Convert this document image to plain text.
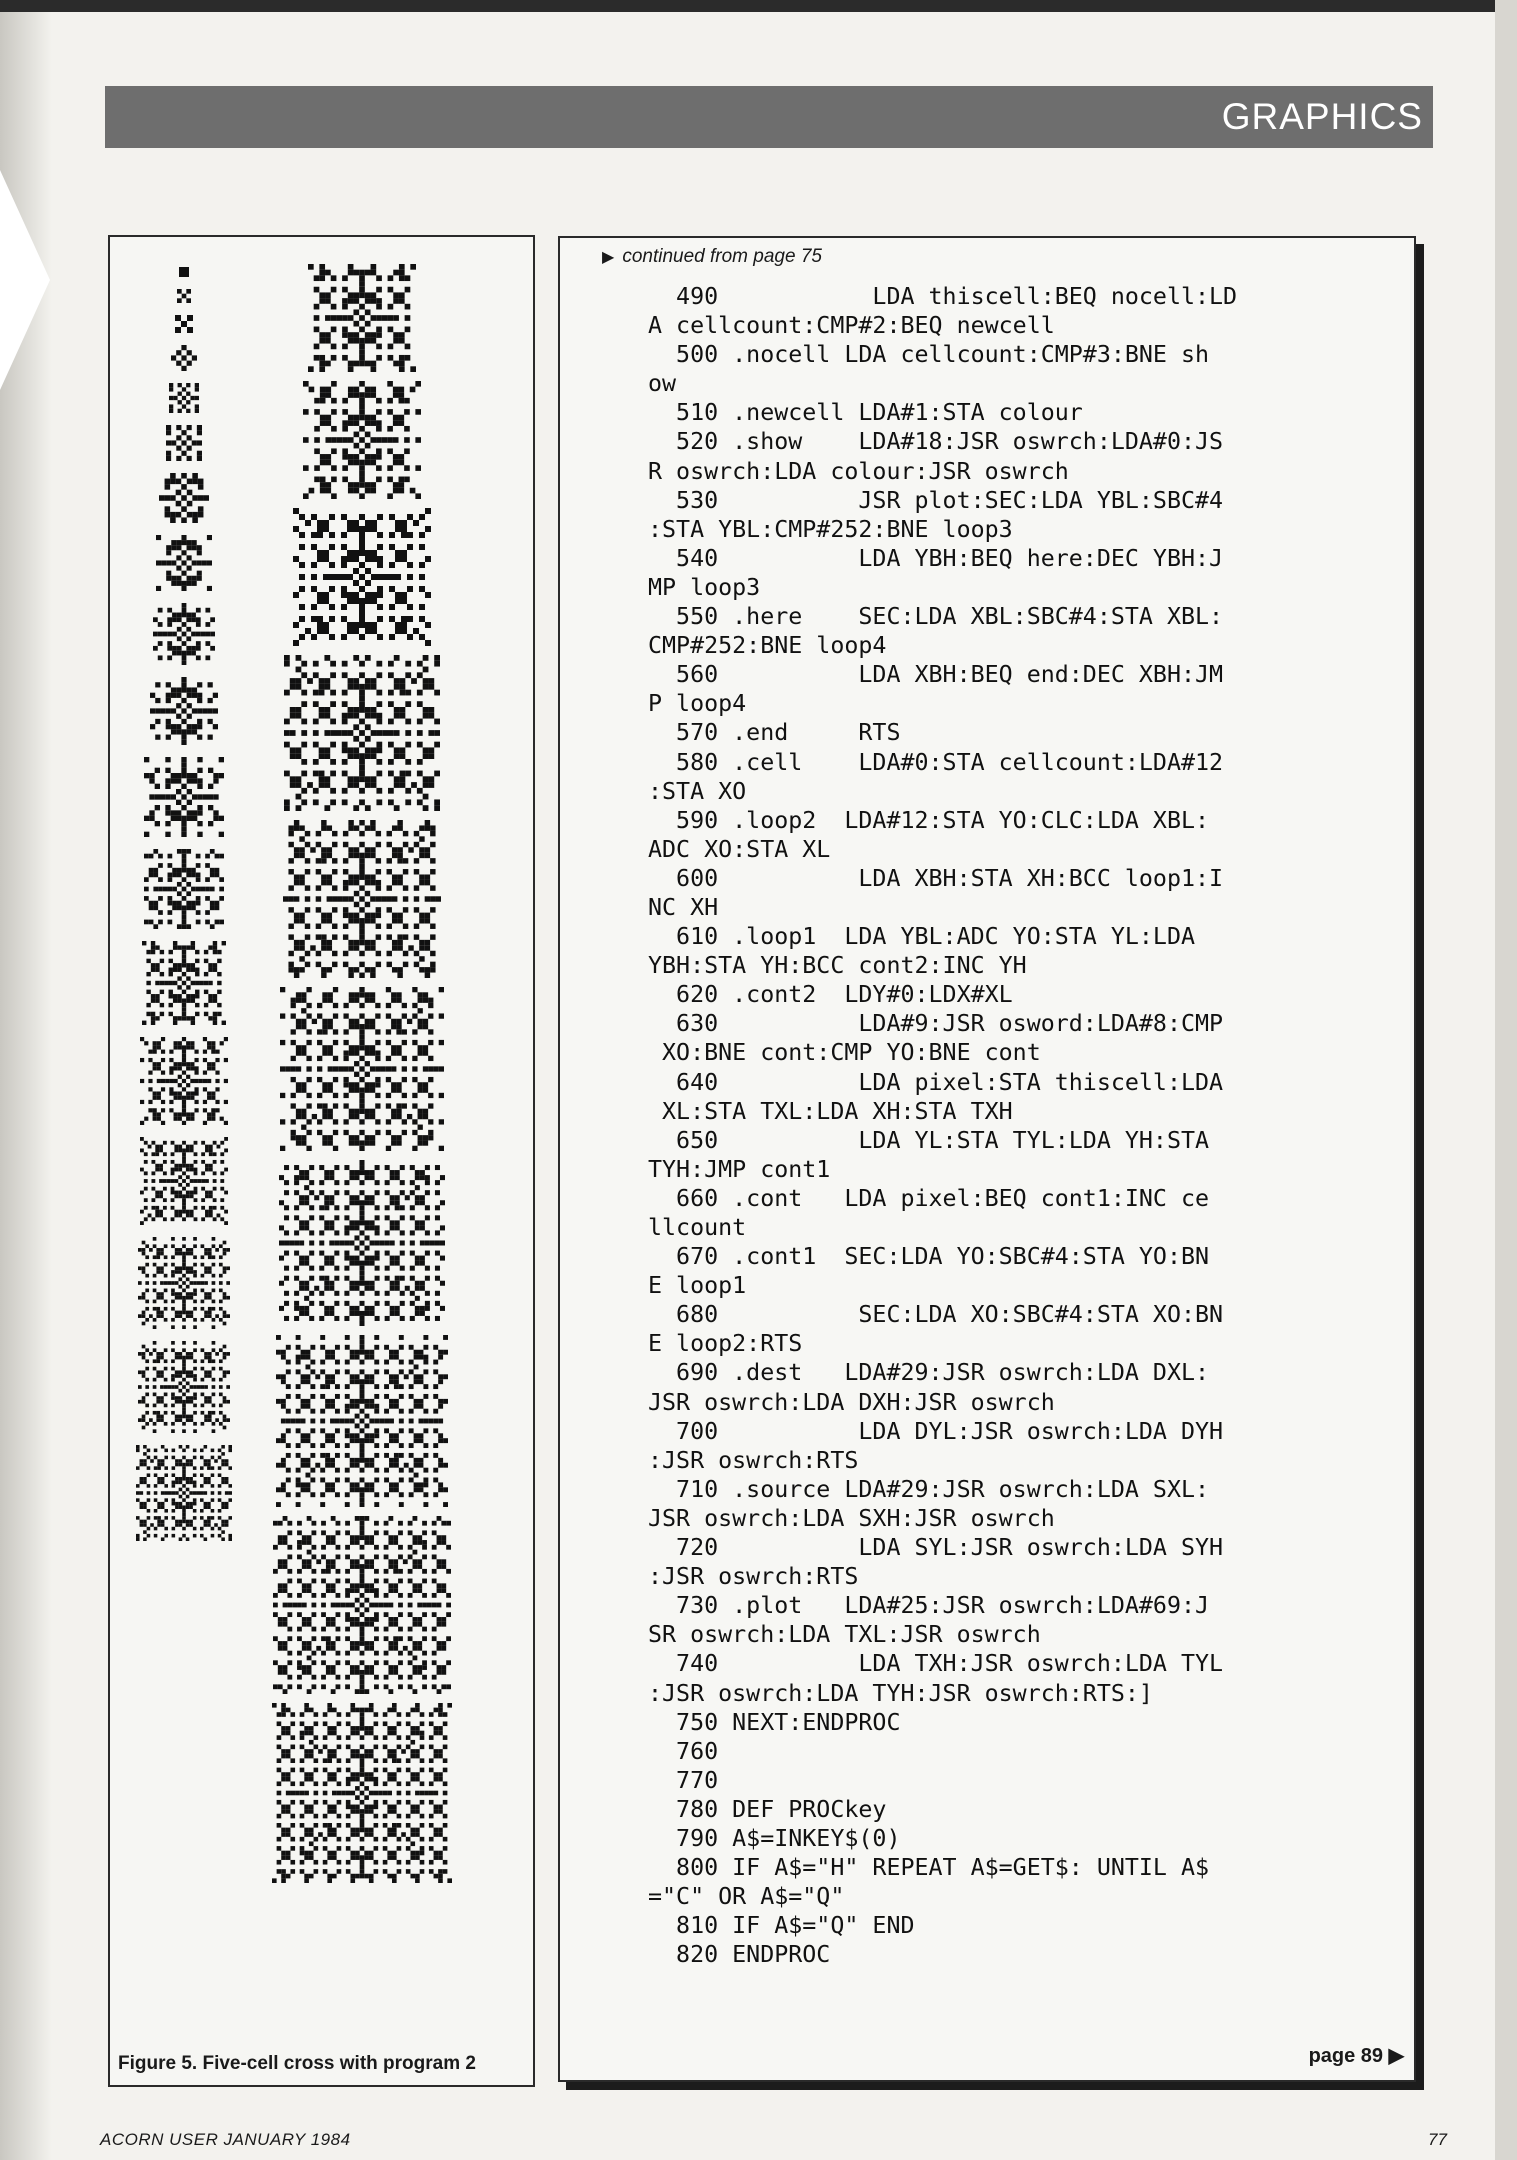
GRAPHICS
Figure 5. Five-cell cross with program 2
▶ continued from page 75
490           LDA thiscell:BEQ nocell:LD
A cellcount:CMP#2:BEQ newcell
500 .nocell LDA cellcount:CMP#3:BNE sh
ow
510 .newcell LDA#1:STA colour
520 .show    LDA#18:JSR oswrch:LDA#0:JS
R oswrch:LDA colour:JSR oswrch
530          JSR plot:SEC:LDA YBL:SBC#4
:STA YBL:CMP#252:BNE loop3
540          LDA YBH:BEQ here:DEC YBH:J
MP loop3
550 .here    SEC:LDA XBL:SBC#4:STA XBL:
CMP#252:BNE loop4
560          LDA XBH:BEQ end:DEC XBH:JM
P loop4
570 .end     RTS
580 .cell    LDA#0:STA cellcount:LDA#12
:STA XO
590 .loop2  LDA#12:STA YO:CLC:LDA XBL:
ADC XO:STA XL
600          LDA XBH:STA XH:BCC loop1:I
NC XH
610 .loop1  LDA YBL:ADC YO:STA YL:LDA
YBH:STA YH:BCC cont2:INC YH
620 .cont2  LDY#0:LDX#XL
630          LDA#9:JSR osword:LDA#8:CMP
XO:BNE cont:CMP YO:BNE cont
640          LDA pixel:STA thiscell:LDA
XL:STA TXL:LDA XH:STA TXH
650          LDA YL:STA TYL:LDA YH:STA
TYH:JMP cont1
660 .cont   LDA pixel:BEQ cont1:INC ce
llcount
670 .cont1  SEC:LDA YO:SBC#4:STA YO:BN
E loop1
680          SEC:LDA XO:SBC#4:STA XO:BN
E loop2:RTS
690 .dest   LDA#29:JSR oswrch:LDA DXL:
JSR oswrch:LDA DXH:JSR oswrch
700          LDA DYL:JSR oswrch:LDA DYH
:JSR oswrch:RTS
710 .source LDA#29:JSR oswrch:LDA SXL:
JSR oswrch:LDA SXH:JSR oswrch
720          LDA SYL:JSR oswrch:LDA SYH
:JSR oswrch:RTS
730 .plot   LDA#25:JSR oswrch:LDA#69:J
SR oswrch:LDA TXL:JSR oswrch
740          LDA TXH:JSR oswrch:LDA TYL
:JSR oswrch:LDA TYH:JSR oswrch:RTS:]
750 NEXT:ENDPROC
760
770
780 DEF PROCkey
790 A$=INKEY$(0)
800 IF A$="H" REPEAT A$=GET$: UNTIL A$
="C" OR A$="Q"
810 IF A$="Q" END
820 ENDPROC

page 89 ▶
ACORN USER JANUARY 1984	77
